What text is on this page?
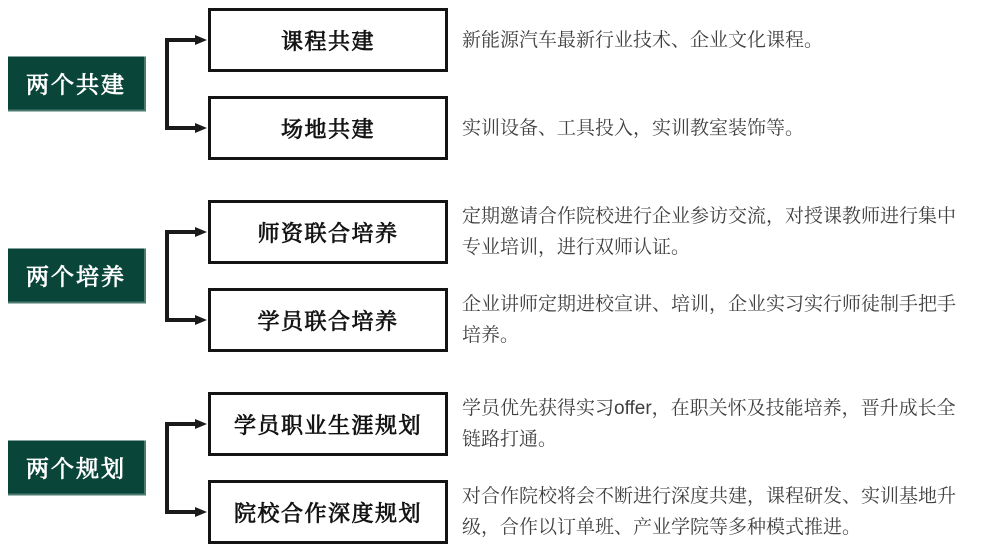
两个共建
课程共建	新能源汽车最新行业技术、企业文化课程。
场地共建	实训设备、工具投入，实训教室装饰等。
两个培养
师资联合培养
定期邀请合作院校进行企业参访交流，对授课教师进行集中专业培训，进行双师认证。
学员联合培养
企业讲师定期进校宣讲、培训，企业实习实行师徒制手把手培养。
两个规划
学员职业生涯规划
学员优先获得实习offer，在职关怀及技能培养，晋升成长全链路打通。
院校合作深度规划
对合作院校将会不断进行深度共建，课程研发、实训基地升级，合作以订单班、产业学院等多种模式推进。
